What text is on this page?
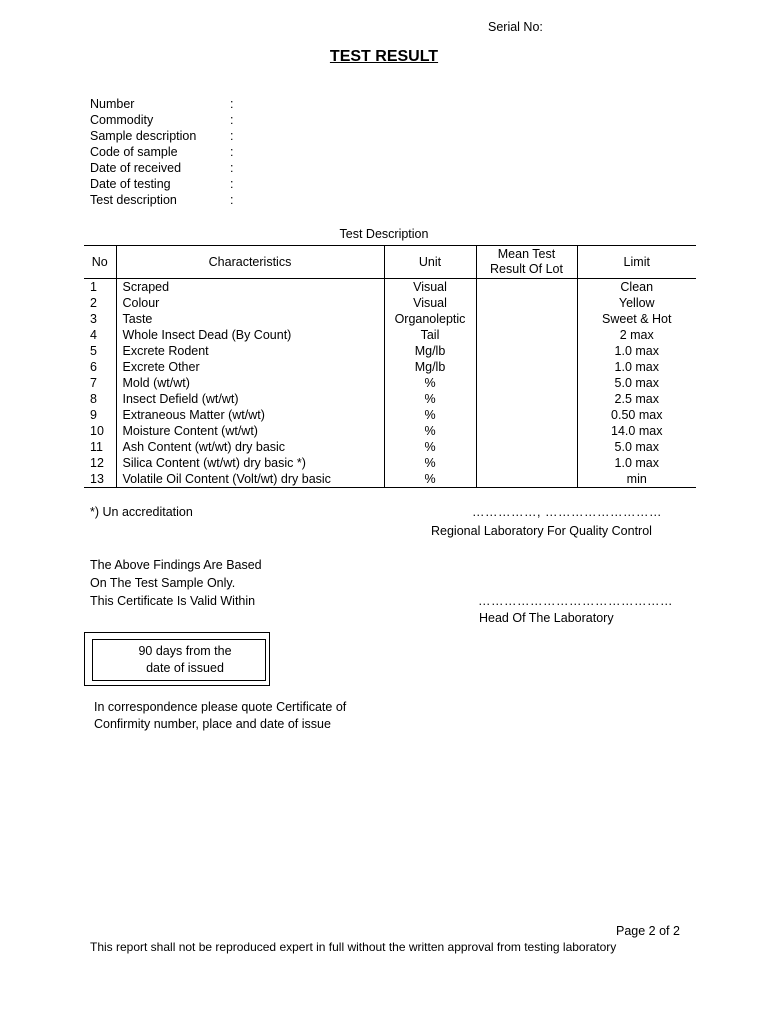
Serial No:
TEST RESULT
Number	:
Commodity	:
Sample description	:
Code of sample	:
Date of received	:
Date of testing	:
Test description	:
Test Description
No	Characteristics	Unit	Mean Test
Result Of Lot	Limit
1	Scraped	Visual		Clean
2	Colour	Visual		Yellow
3	Taste	Organoleptic		Sweet & Hot
4	Whole Insect Dead (By Count)	Tail		2 max
5	Excrete Rodent	Mg/lb		1.0 max
6	Excrete Other	Mg/lb		1.0 max
7	Mold (wt/wt)	%		5.0 max
8	Insect Defield (wt/wt)	%		2.5 max
9	Extraneous Matter (wt/wt)	%		0.50 max
10	Moisture Content (wt/wt)	%		14.0 max
11	Ash Content (wt/wt) dry basic	%		5.0 max
12	Silica Content (wt/wt) dry basic *)	%		1.0 max
13	Volatile Oil Content (Volt/wt) dry basic	%		min
*) Un accreditation	……………, ………………………
Regional Laboratory For Quality Control
The Above Findings Are Based
On The Test Sample Only.
This Certificate Is Valid Within	………………………………………
Head Of The Laboratory
90 days from the
date of issued
In correspondence please quote Certificate of
Confirmity number, place and date of issue
Page 2 of 2
This report shall not be reproduced expert in full without the written approval from testing laboratory
